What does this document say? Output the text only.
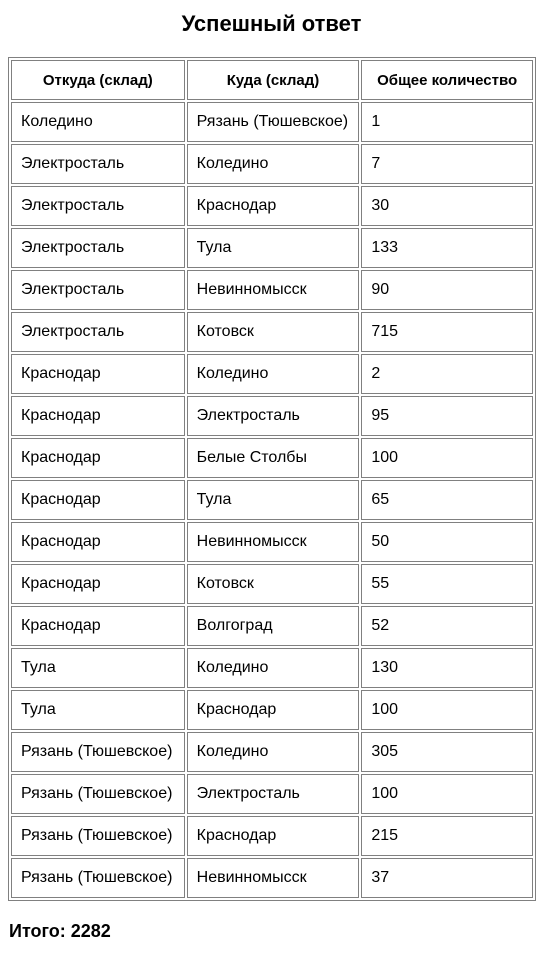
Успешный ответ
Откуда (склад)	Куда (склад)	Общее количество
Коледино	Рязань (Тюшевское)	1
Электросталь	Коледино	7
Электросталь	Краснодар	30
Электросталь	Тула	133
Электросталь	Невинномысск	90
Электросталь	Котовск	715
Краснодар	Коледино	2
Краснодар	Электросталь	95
Краснодар	Белые Столбы	100
Краснодар	Тула	65
Краснодар	Невинномысск	50
Краснодар	Котовск	55
Краснодар	Волгоград	52
Тула	Коледино	130
Тула	Краснодар	100
Рязань (Тюшевское)	Коледино	305
Рязань (Тюшевское)	Электросталь	100
Рязань (Тюшевское)	Краснодар	215
Рязань (Тюшевское)	Невинномысск	37
Итого: 2282
